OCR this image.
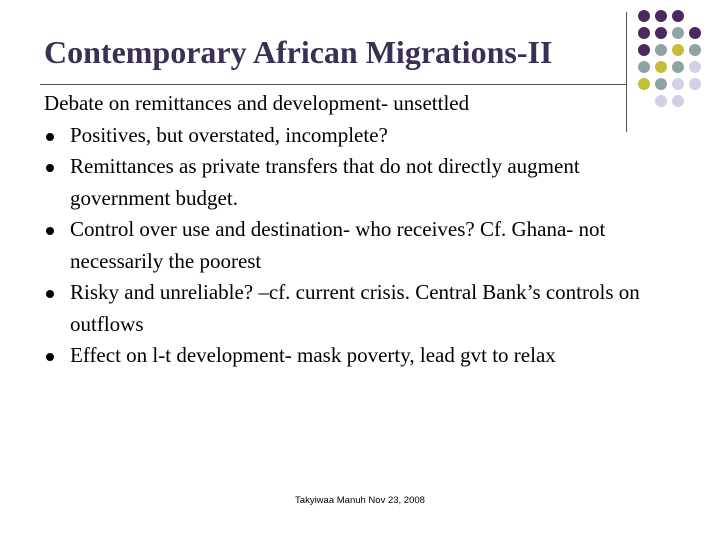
Contemporary African Migrations-II

Debate on remittances and development- unsettled

Positives, but overstated, incomplete?
Remittances as private transfers that do not directly augment government budget.
Control over use and destination- who receives? Cf. Ghana- not necessarily the poorest
Risky and unreliable? –cf. current crisis. Central Bank’s controls on outflows
Effect on l-t development- mask poverty, lead gvt to relax
Takyiwaa Manuh Nov 23, 2008
